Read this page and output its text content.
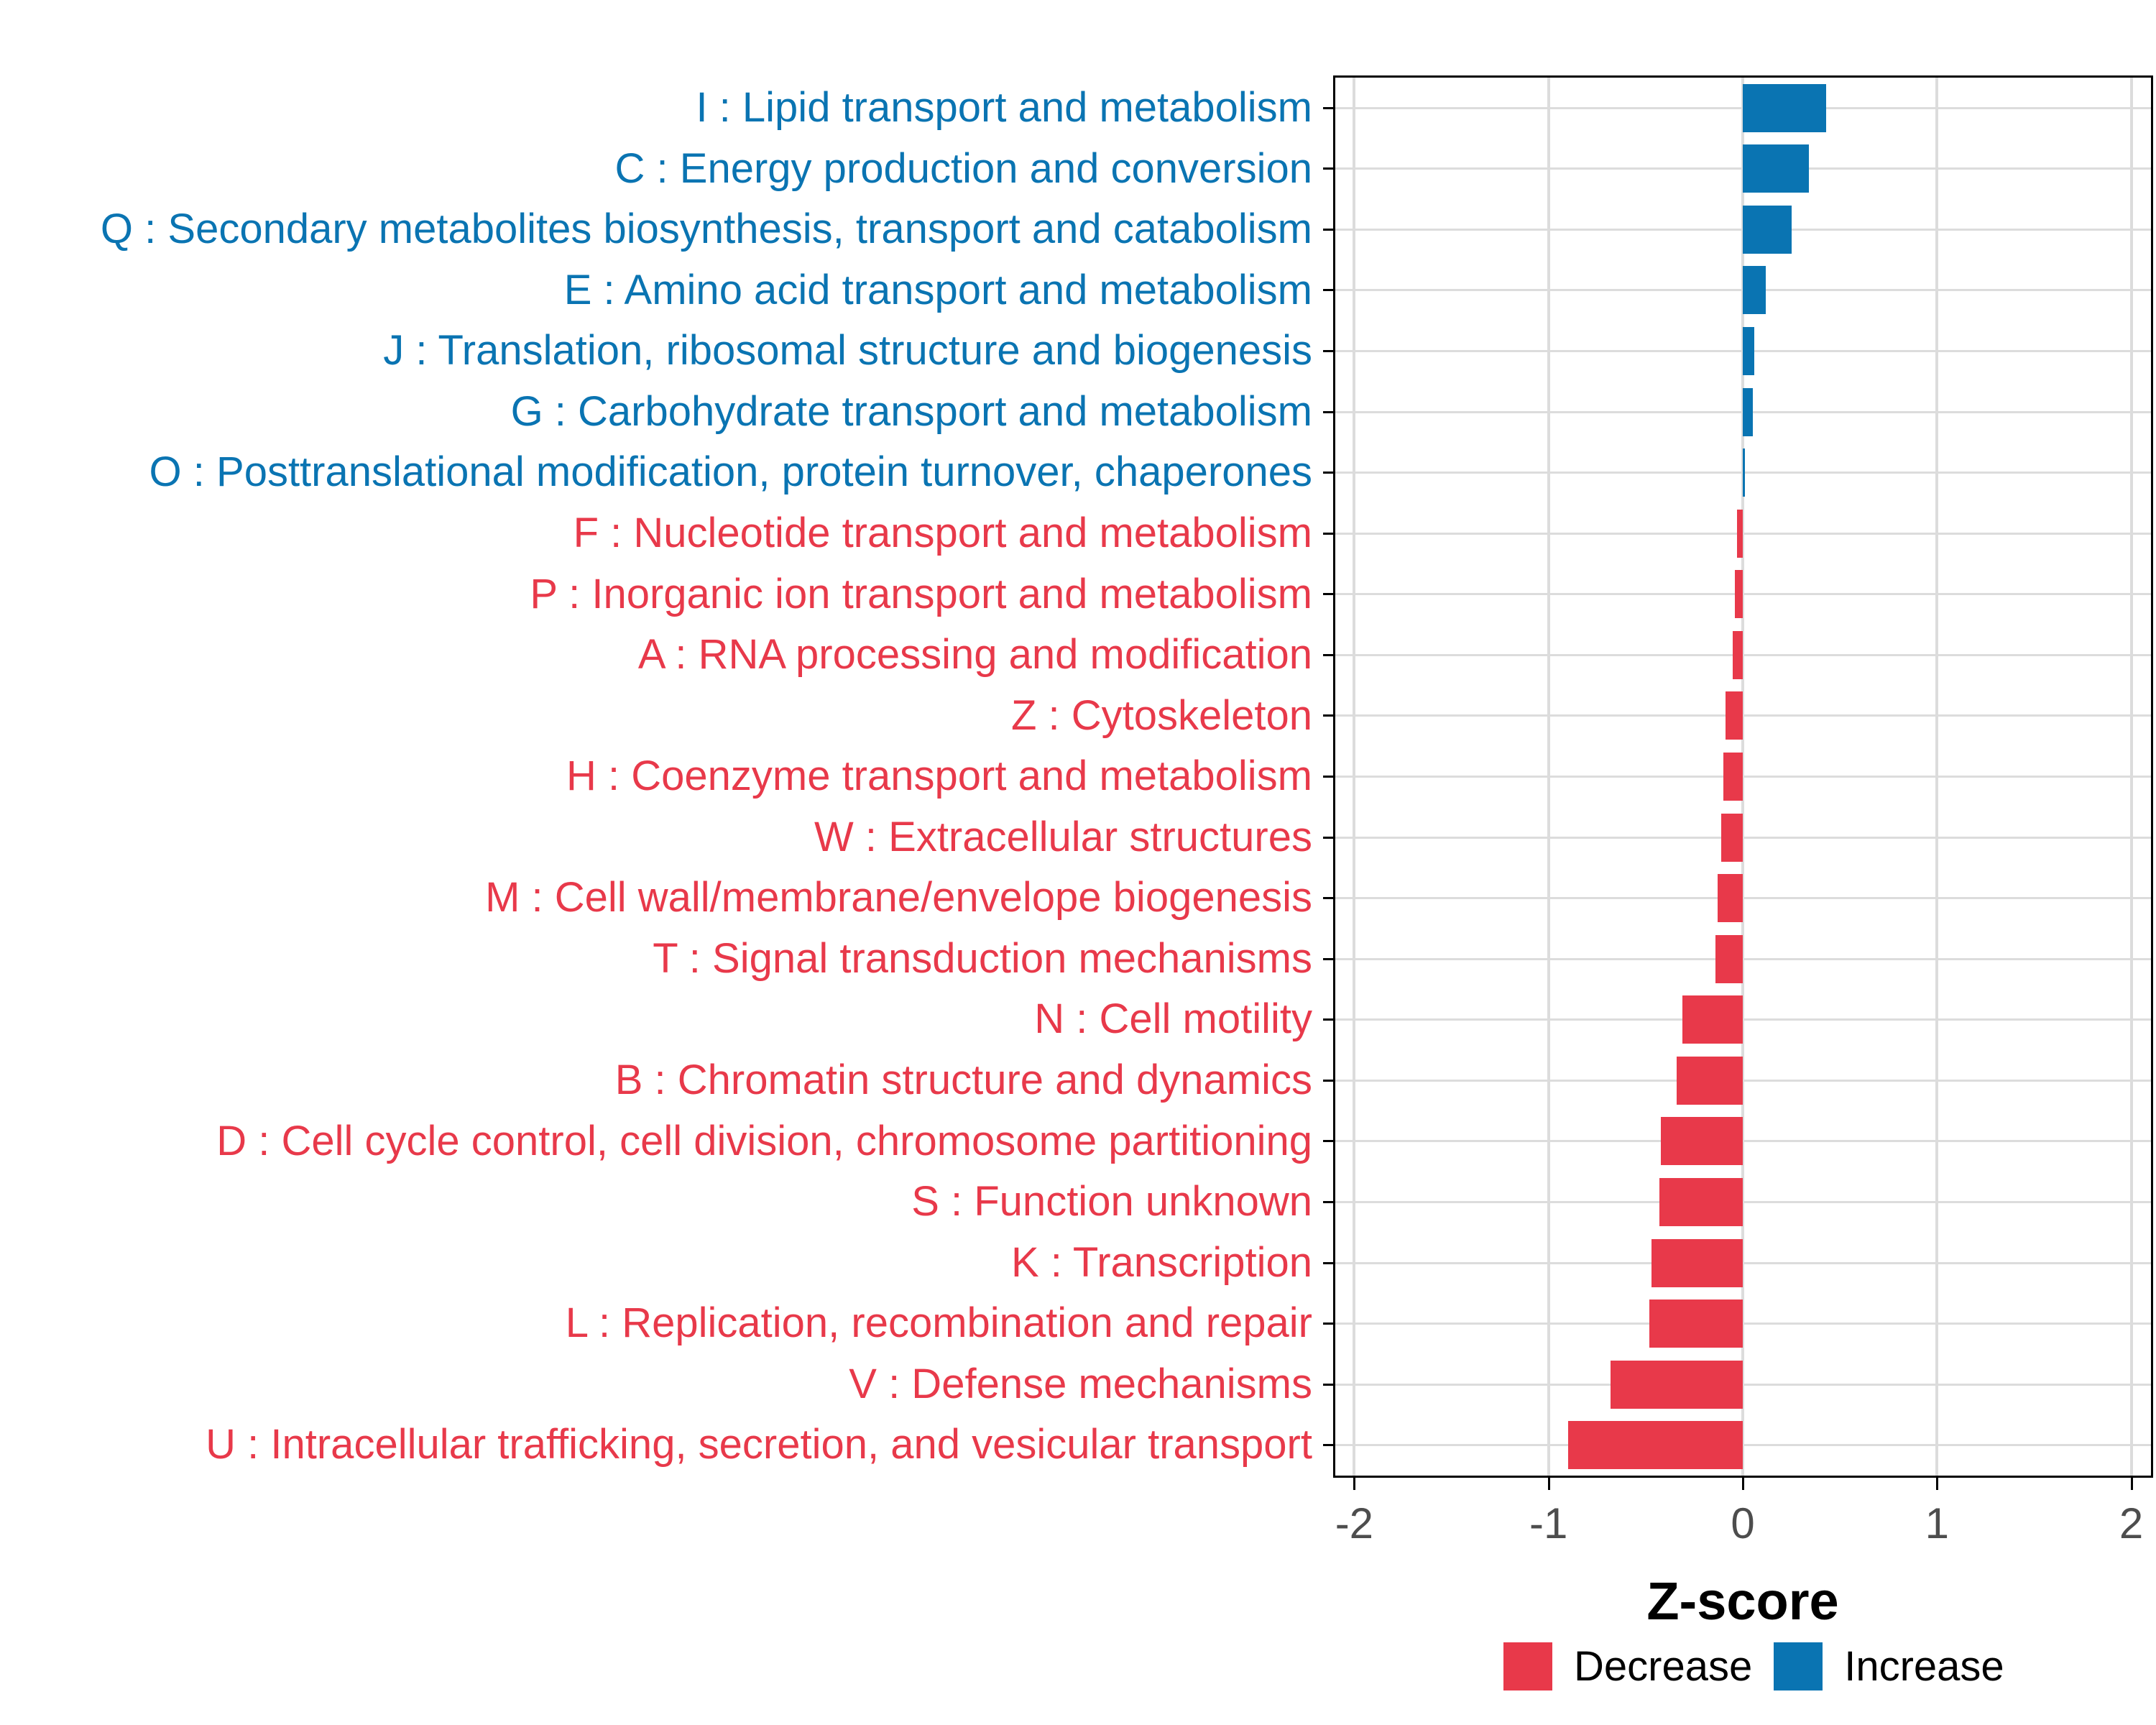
I : Lipid transport and metabolism
C : Energy production and conversion
Q : Secondary metabolites biosynthesis, transport and catabolism
E : Amino acid transport and metabolism
J : Translation, ribosomal structure and biogenesis
G : Carbohydrate transport and metabolism
O : Posttranslational modification, protein turnover, chaperones
F : Nucleotide transport and metabolism
P : Inorganic ion transport and metabolism
A : RNA processing and modification
Z : Cytoskeleton
H : Coenzyme transport and metabolism
W : Extracellular structures
M : Cell wall/membrane/envelope biogenesis
T : Signal transduction mechanisms
N : Cell motility
B : Chromatin structure and dynamics
D : Cell cycle control, cell division, chromosome partitioning
S : Function unknown
K : Transcription
L : Replication, recombination and repair
V : Defense mechanisms
U : Intracellular trafficking, secretion, and vesicular transport
-2	-1	0	1	2
Z-score
Decrease Increase
